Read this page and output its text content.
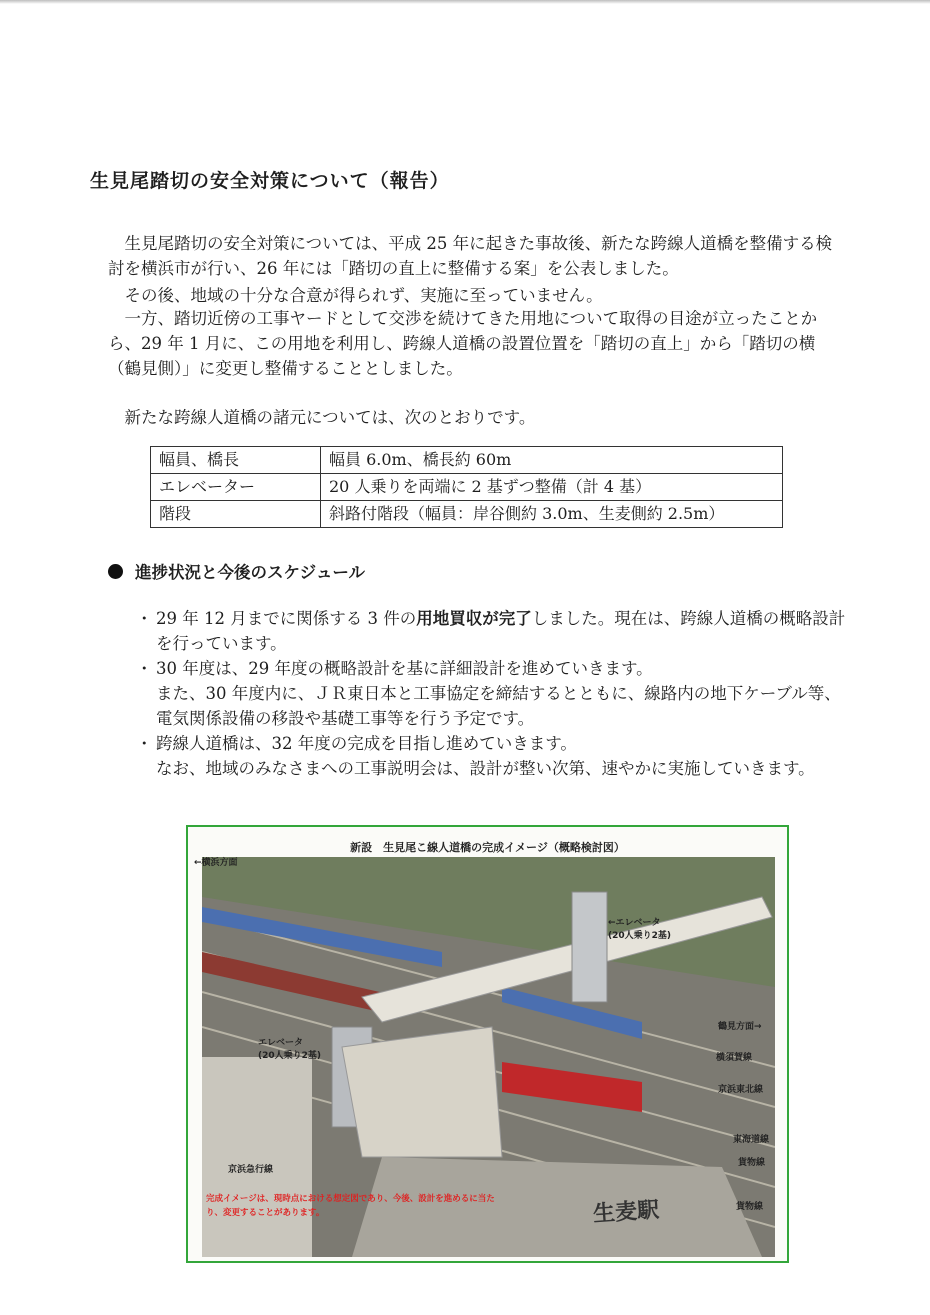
生見尾踏切の安全対策について（報告）

　生見尾踏切の安全対策については、平成 25 年に起きた事故後、新たな跨線人道橋を整備する検討を横浜市が行い、26 年には「踏切の直上に整備する案」を公表しました。

　その後、地域の十分な合意が得られず、実施に至っていません。

　一方、踏切近傍の工事ヤードとして交渉を続けてきた用地について取得の目途が立ったことから、29 年 1 月に、この用地を利用し、跨線人道橋の設置位置を「踏切の直上」から「踏切の横（鶴見側）」に変更し整備することとしました。

　新たな跨線人道橋の諸元については、次のとおりです。

幅員、橋長	幅員 6.0m、橋長約 60m
エレベーター	20 人乗りを両端に 2 基ずつ整備（計 4 基）
階段	斜路付階段（幅員：岸谷側約 3.0m、生麦側約 2.5m）
進捗状況と今後のスケジュール
・ 29 年 12 月までに関係する 3 件の用地買収が完了しました。現在は、跨線人道橋の概略設計を行っています。
・ 30 年度は、29 年度の概略設計を基に詳細設計を進めていきます。
また、30 年度内に、ＪＲ東日本と工事協定を締結するとともに、線路内の地下ケーブル等、電気関係設備の移設や基礎工事等を行う予定です。
・ 跨線人道橋は、32 年度の完成を目指し進めていきます。
なお、地域のみなさまへの工事説明会は、設計が整い次第、速やかに実施していきます。
新設　生見尾こ線人道橋の完成イメージ（概略検討図）
←横浜方面
←エレベータ
(20人乗り2基)
エレベータ
(20人乗り2基)
鶴見方面→
横須賀線
京浜東北線
東海道線
貨物線
貨物線
京浜急行線
完成イメージは、現時点における想定図であり、今後、設計を進めるに当たり、変更することがあります。	生麦駅
